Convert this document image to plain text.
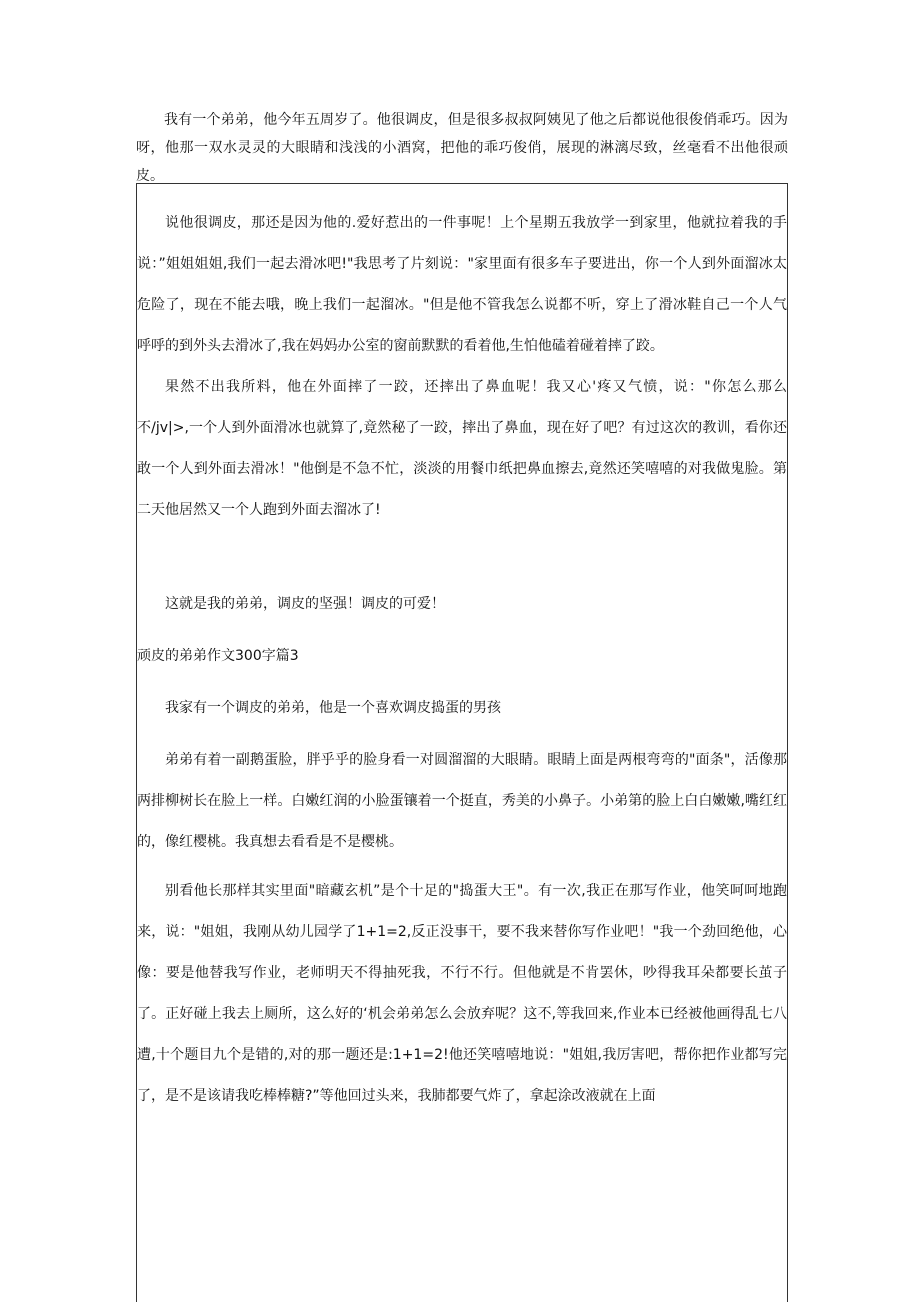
我有一个弟弟，他今年五周岁了。他很调皮，但是很多叔叔阿姨见了他之后都说他很俊俏乖巧。因为呀，他那一双水灵灵的大眼睛和浅浅的小酒窝，把他的乖巧俊俏，展现的淋漓尽致，丝毫看不出他很顽皮。

说他很调皮，那还是因为他的.爱好惹出的一件事呢！上个星期五我放学一到家里，他就拉着我的手说：”姐姐姐姐,我们一起去滑冰吧!"我思考了片刻说："家里面有很多车子要进出，你一个人到外面溜冰太危险了，现在不能去哦，晚上我们一起溜冰。"但是他不管我怎么说都不听，穿上了滑冰鞋自己一个人气呼呼的到外头去滑冰了,我在妈妈办公室的窗前默默的看着他,生怕他磕着碰着摔了跤。

果然不出我所料，他在外面摔了一跤，还摔出了鼻血呢！我又心'疼又气愤，说："你怎么那么不/jv|>,一个人到外面滑冰也就算了,竟然秘了一跤，摔出了鼻血，现在好了吧？有过这次的教训，看你还敢一个人到外面去滑冰！"他倒是不急不忙，淡淡的用餐巾纸把鼻血擦去,竟然还笑嘻嘻的对我做鬼脸。第二天他居然又一个人跑到外面去溜冰了!

这就是我的弟弟，调皮的坚强！调皮的可爱！

顽皮的弟弟作文300字篇3

我家有一个调皮的弟弟，他是一个喜欢调皮捣蛋的男孩

弟弟有着一副鹅蛋脸，胖乎乎的脸身看一对圆溜溜的大眼睛。眼睛上面是两根弯弯的"面条"，活像那两排柳树长在脸上一样。白嫩红润的小脸蛋镶着一个挺直，秀美的小鼻子。小弟第的脸上白白嫩嫩,嘴红红的，像红樱桃。我真想去看看是不是樱桃。

别看他长那样其实里面"暗藏玄机”是个十足的"捣蛋大王"。有一次,我正在那写作业，他笑呵呵地跑来，说："姐姐，我刚从幼儿园学了1+1=2,反正没事干，要不我来替你写作业吧！"我一个劲回绝他，心像：要是他替我写作业，老师明天不得抽死我，不行不行。但他就是不肯罢休，吵得我耳朵都要长茧子了。正好碰上我去上厕所，这么好的‘机会弟弟怎么会放弃呢？这不,等我回来,作业本已经被他画得乱七八遭,十个题目九个是错的,对的那一题还是:1+1=2!他还笑嘻嘻地说："姐姐,我厉害吧，帮你把作业都写完了，是不是该请我吃棒棒糖?”等他回过头来，我肺都要气炸了，拿起涂改液就在上面
